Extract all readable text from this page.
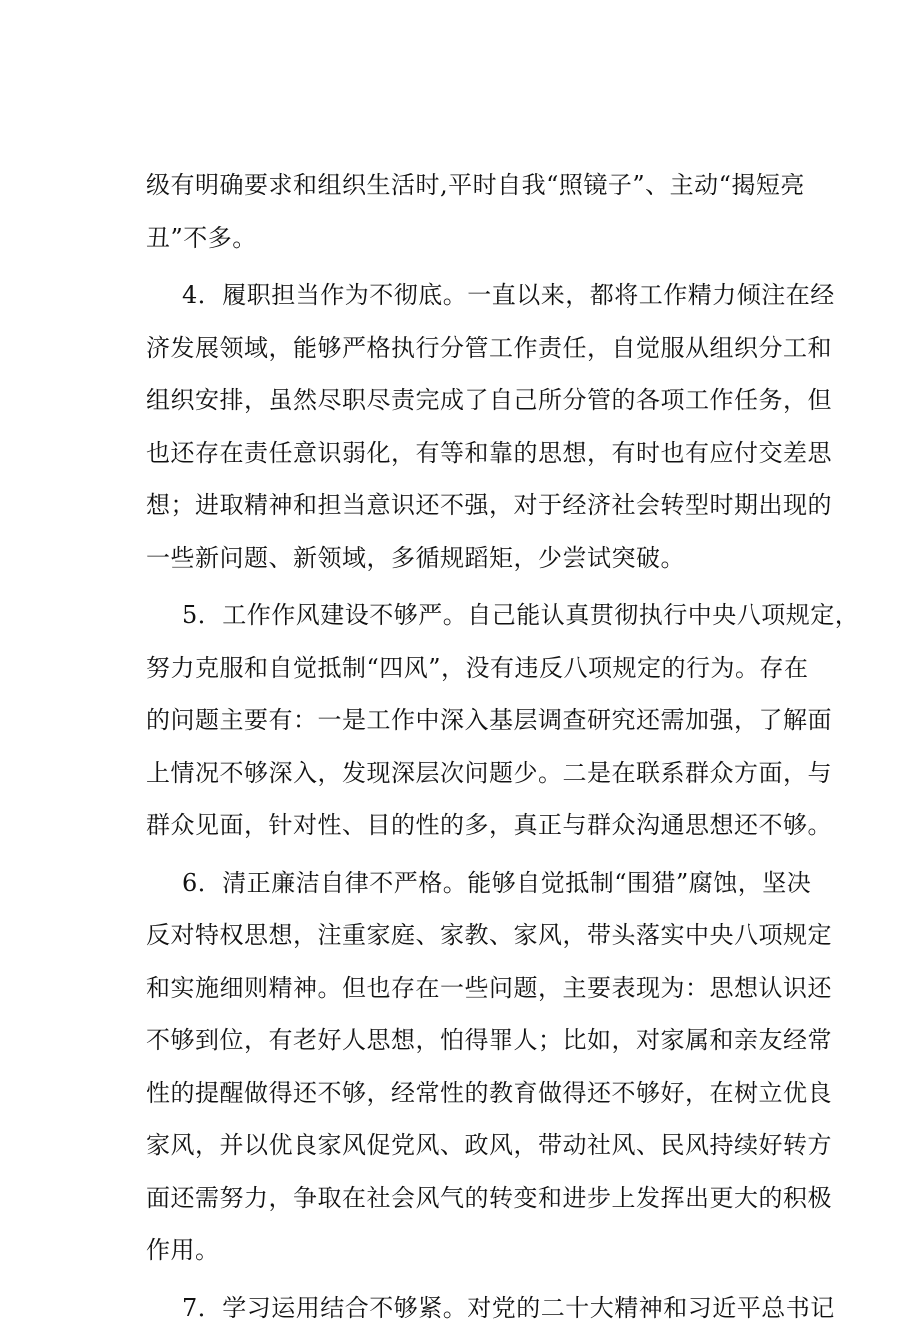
级有明确要求和组织生活时,平时自我“照镜子”、主动“揭短亮
丑”不多。
4．履职担当作为不彻底。一直以来，都将工作精力倾注在经
济发展领域，能够严格执行分管工作责任，自觉服从组织分工和
组织安排，虽然尽职尽责完成了自己所分管的各项工作任务，但
也还存在责任意识弱化，有等和靠的思想，有时也有应付交差思
想；进取精神和担当意识还不强，对于经济社会转型时期出现的
一些新问题、新领域，多循规蹈矩，少尝试突破。
5．工作作风建设不够严。自己能认真贯彻执行中央八项规定，
努力克服和自觉抵制“四风”，没有违反八项规定的行为。存在
的问题主要有：一是工作中深入基层调查研究还需加强，了解面
上情况不够深入，发现深层次问题少。二是在联系群众方面，与
群众见面，针对性、目的性的多，真正与群众沟通思想还不够。
6．清正廉洁自律不严格。能够自觉抵制“围猎”腐蚀，坚决
反对特权思想，注重家庭、家教、家风，带头落实中央八项规定
和实施细则精神。但也存在一些问题，主要表现为：思想认识还
不够到位，有老好人思想，怕得罪人；比如，对家属和亲友经常
性的提醒做得还不够，经常性的教育做得还不够好，在树立优良
家风，并以优良家风促党风、政风，带动社风、民风持续好转方
面还需努力，争取在社会风气的转变和进步上发挥出更大的积极
作用。
7．学习运用结合不够紧。对党的二十大精神和习近平总书记
